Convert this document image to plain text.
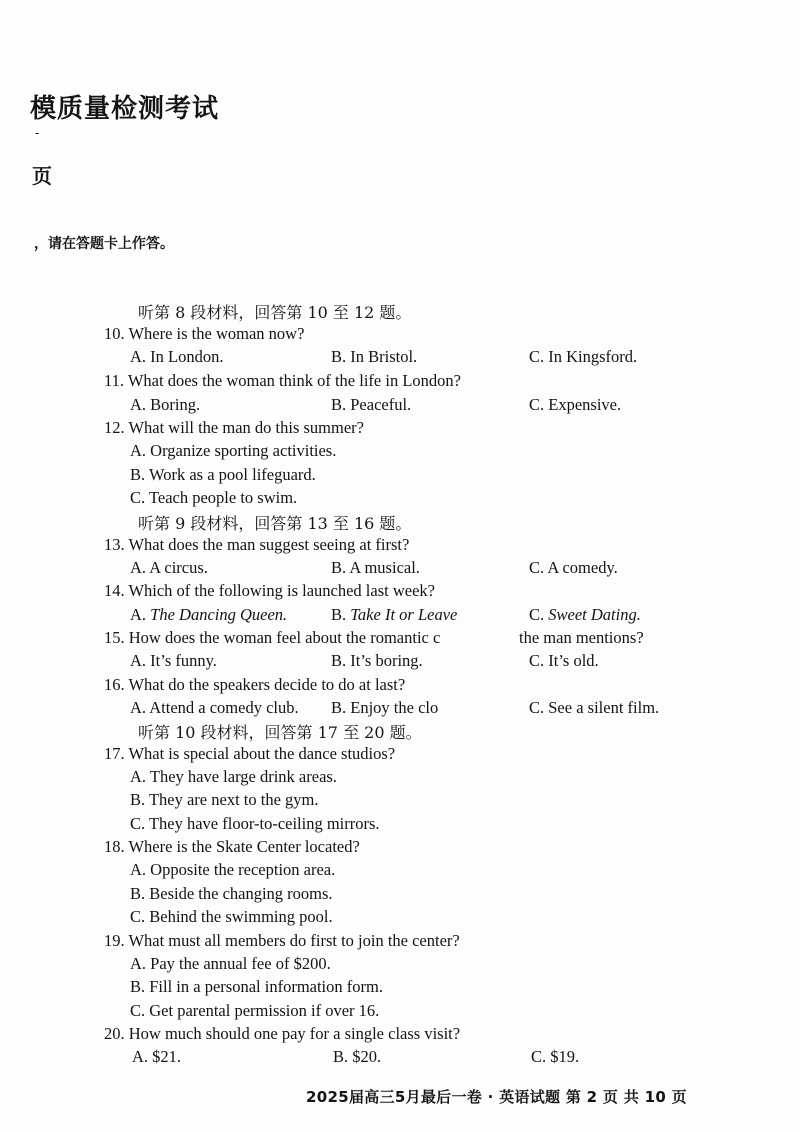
模质量检测考试
-
页
，请在答题卡上作答。
听第 8 段材料，回答第 10 至 12 题。
10. Where is the woman now?
A. In London.	B. In Bristol.	C. In Kingsford.
11. What does the woman think of the life in London?
A. Boring.	B. Peaceful.	C. Expensive.
12. What will the man do this summer?
A. Organize sporting activities.
B. Work as a pool lifeguard.
C. Teach people to swim.
听第 9 段材料，回答第 13 至 16 题。
13. What does the man suggest seeing at first?
A. A circus.	B. A musical.	C. A comedy.
14. Which of the following is launched last week?
A. The Dancing Queen.	B. Take It or Leave	C. Sweet Dating.
15. How does the woman feel about the romantic c	the man mentions?
A. It’s funny.	B. It’s boring.	C. It’s old.
16. What do the speakers decide to do at last?
A. Attend a comedy club. B. Enjoy the clo	C. See a silent film.
听第 10 段材料，回答第 17 至 20 题。
17. What is special about the dance studios?
A. They have large drink areas.
B. They are next to the gym.
C. They have floor-to-ceiling mirrors.
18. Where is the Skate Center located?
A. Opposite the reception area.
B. Beside the changing rooms.
C. Behind the swimming pool.
19. What must all members do first to join the center?
A. Pay the annual fee of $200.
B. Fill in a personal information form.
C. Get parental permission if over 16.
20. How much should one pay for a single class visit?
A. $21.	B. $20.	C. $19.
2025届高三5月最后一卷 · 英语试题 第 2 页 共 10 页
